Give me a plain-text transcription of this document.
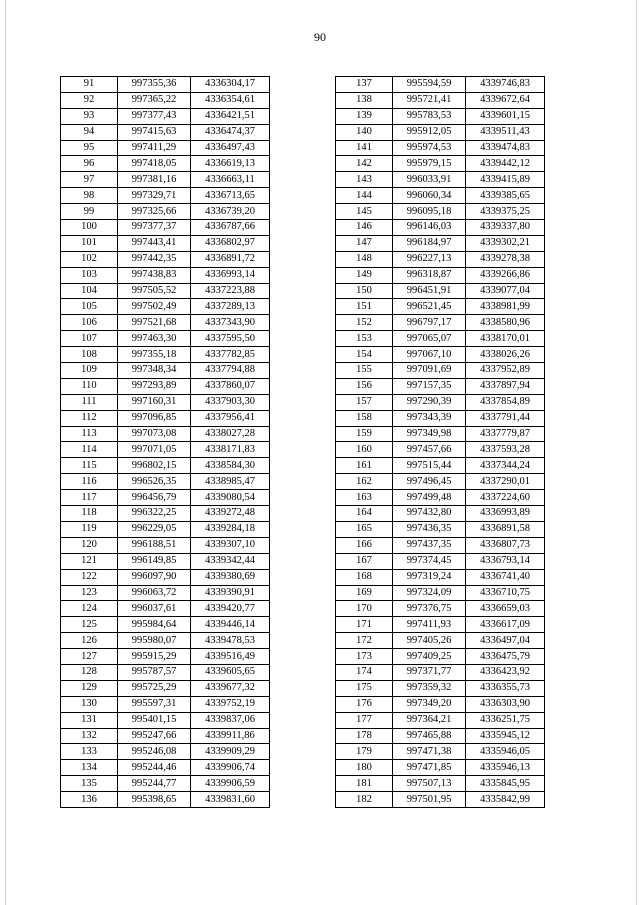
90
91	997355,36	4336304,17
92	997365,22	4336354,61
93	997377,43	4336421,51
94	997415,63	4336474,37
95	997411,29	4336497,43
96	997418,05	4336619,13
97	997381,16	4336663,11
98	997329,71	4336713,65
99	997325,66	4336739,20
100	997377,37	4336787,66
101	997443,41	4336802,97
102	997442,35	4336891,72
103	997438,83	4336993,14
104	997505,52	4337223,88
105	997502,49	4337289,13
106	997521,68	4337343,90
107	997463,30	4337595,50
108	997355,18	4337782,85
109	997348,34	4337794,88
110	997293,89	4337860,07
111	997160,31	4337903,30
112	997096,85	4337956,41
113	997073,08	4338027,28
114	997071,05	4338171,83
115	996802,15	4338584,30
116	996526,35	4338985,47
117	996456,79	4339080,54
118	996322,25	4339272,48
119	996229,05	4339284,18
120	996188,51	4339307,10
121	996149,85	4339342,44
122	996097,90	4339380,69
123	996063,72	4339390,91
124	996037,61	4339420,77
125	995984,64	4339446,14
126	995980,07	4339478,53
127	995915,29	4339516,49
128	995787,57	4339605,65
129	995725,29	4339677,32
130	995597,31	4339752,19
131	995401,15	4339837,06
132	995247,66	4339911,86
133	995246,08	4339909,29
134	995244,46	4339906,74
135	995244,77	4339906,59
136	995398,65	4339831,60
137	995594,59	4339746,83
138	995721,41	4339672,64
139	995783,53	4339601,15
140	995912,05	4339511,43
141	995974,53	4339474,83
142	995979,15	4339442,12
143	996033,91	4339415,89
144	996060,34	4339385,65
145	996095,18	4339375,25
146	996146,03	4339337,80
147	996184,97	4339302,21
148	996227,13	4339278,38
149	996318,87	4339266,86
150	996451,91	4339077,04
151	996521,45	4338981,99
152	996797,17	4338580,96
153	997065,07	4338170,01
154	997067,10	4338026,26
155	997091,69	4337952,89
156	997157,35	4337897,94
157	997290,39	4337854,89
158	997343,39	4337791,44
159	997349,98	4337779,87
160	997457,66	4337593,28
161	997515,44	4337344,24
162	997496,45	4337290,01
163	997499,48	4337224,60
164	997432,80	4336993,89
165	997436,35	4336891,58
166	997437,35	4336807,73
167	997374,45	4336793,14
168	997319,24	4336741,40
169	997324,09	4336710,75
170	997376,75	4336659,03
171	997411,93	4336617,09
172	997405,26	4336497,04
173	997409,25	4336475,79
174	997371,77	4336423,92
175	997359,32	4336355,73
176	997349,20	4336303,90
177	997364,21	4336251,75
178	997465,88	4335945,12
179	997471,38	4335946,05
180	997471,85	4335946,13
181	997507,13	4335845,95
182	997501,95	4335842,99
